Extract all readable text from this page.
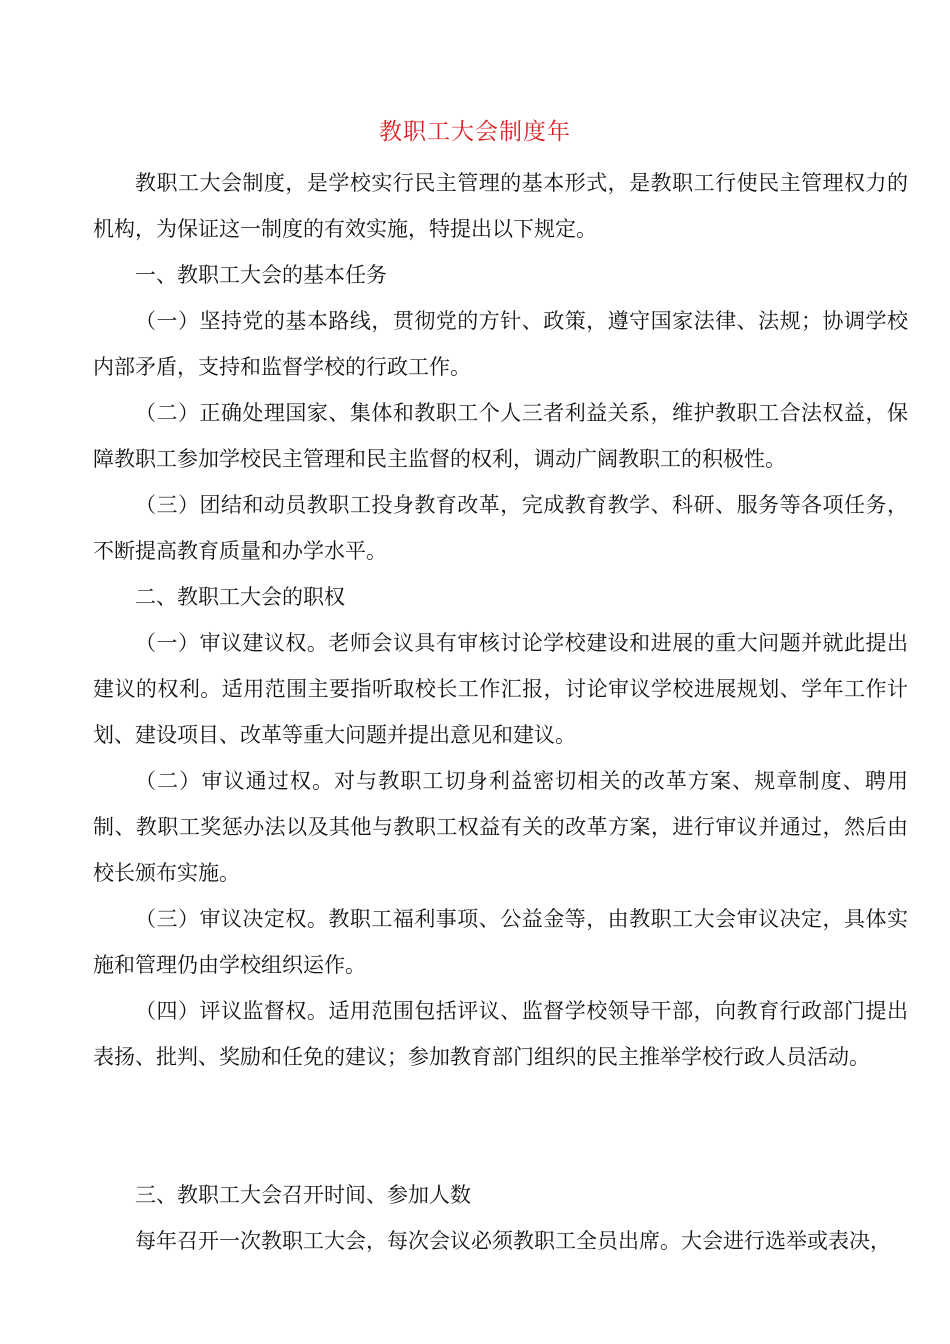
教职工大会制度年

教职工大会制度，是学校实行民主管理的基本形式，是教职工行使民主管理权力的机构，为保证这一制度的有效实施，特提出以下规定。

一、教职工大会的基本任务

（一）坚持党的基本路线，贯彻党的方针、政策，遵守国家法律、法规；协调学校内部矛盾，支持和监督学校的行政工作。

（二）正确处理国家、集体和教职工个人三者利益关系，维护教职工合法权益，保障教职工参加学校民主管理和民主监督的权利，调动广阔教职工的积极性。

（三）团结和动员教职工投身教育改革，完成教育教学、科研、服务等各项任务，不断提高教育质量和办学水平。

二、教职工大会的职权

（一）审议建议权。老师会议具有审核讨论学校建设和进展的重大问题并就此提出建议的权利。适用范围主要指听取校长工作汇报，讨论审议学校进展规划、学年工作计划、建设项目、改革等重大问题并提出意见和建议。

（二）审议通过权。对与教职工切身利益密切相关的改革方案、规章制度、聘用制、教职工奖惩办法以及其他与教职工权益有关的改革方案，进行审议并通过，然后由校长颁布实施。

（三）审议决定权。教职工福利事项、公益金等，由教职工大会审议决定，具体实施和管理仍由学校组织运作。

（四）评议监督权。适用范围包括评议、监督学校领导干部，向教育行政部门提出表扬、批判、奖励和任免的建议；参加教育部门组织的民主推举学校行政人员活动。

三、教职工大会召开时间、参加人数

每年召开一次教职工大会，每次会议必须教职工全员出席。大会进行选举或表决，
